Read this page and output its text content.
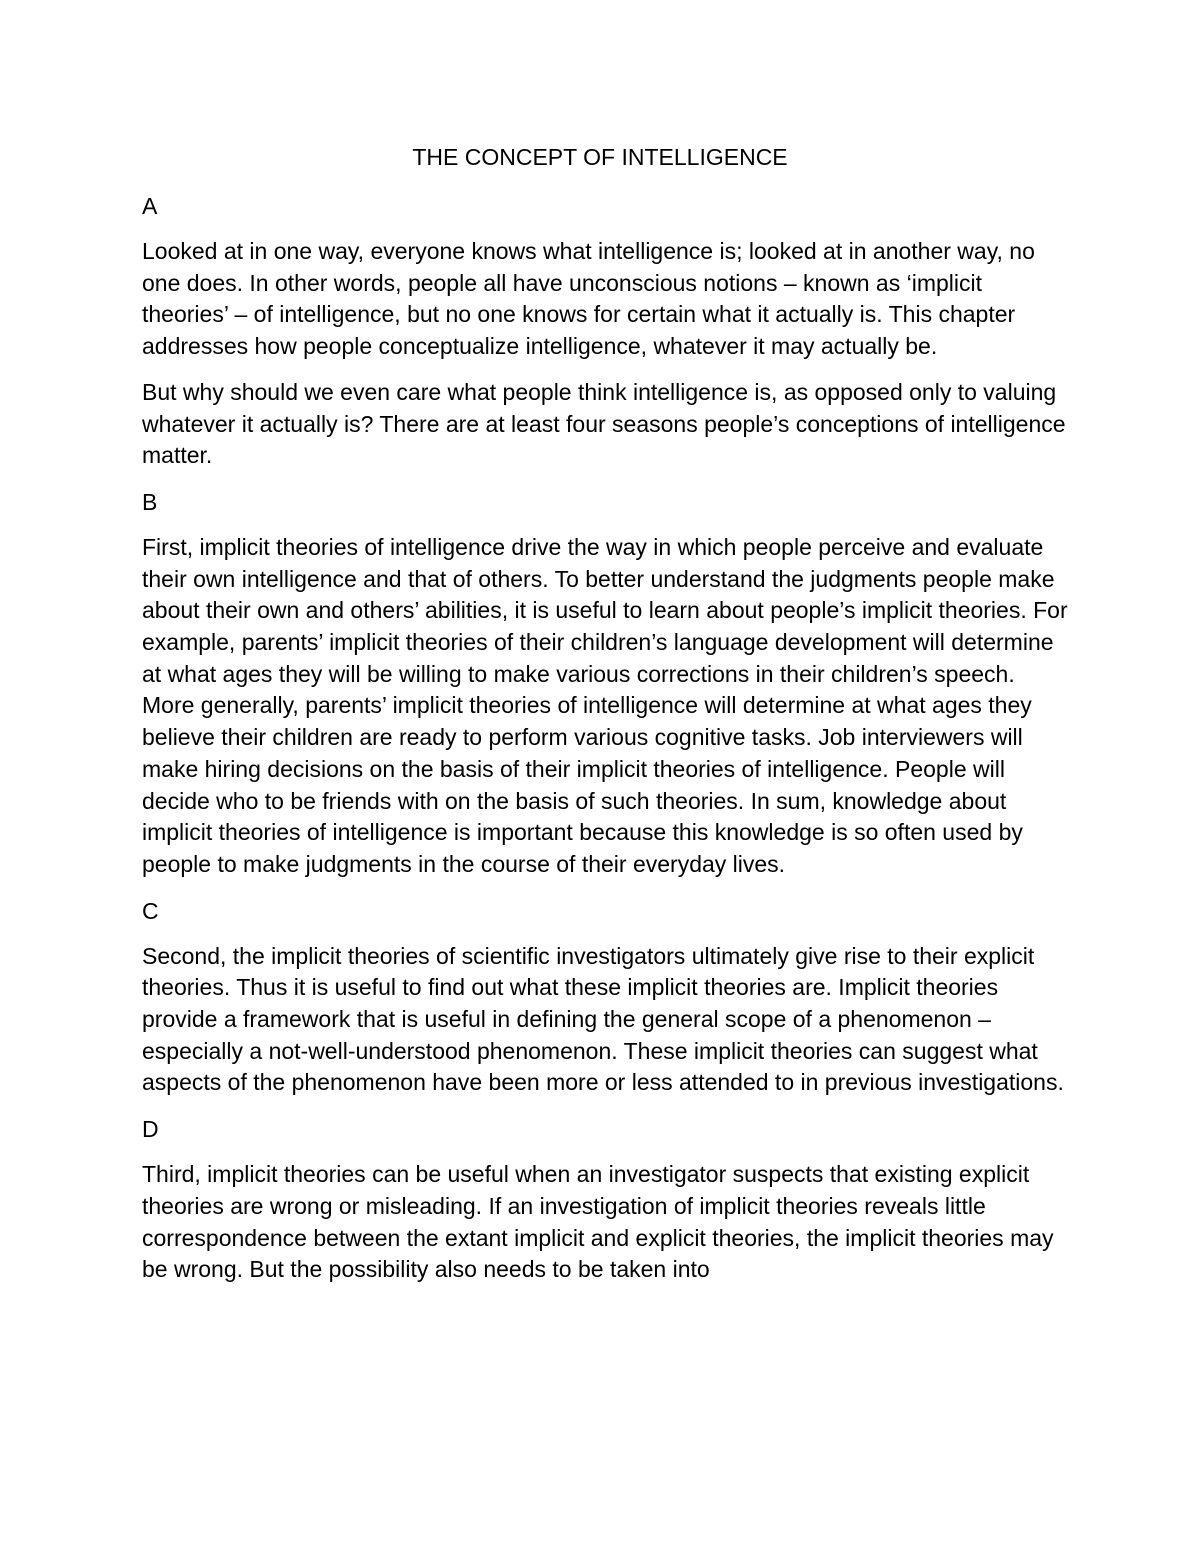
THE CONCEPT OF INTELLIGENCE

A

Looked at in one way, everyone knows what intelligence is; looked at in another way, no one does. In other words, people all have unconscious notions – known as ‘implicit theories’ – of intelligence, but no one knows for certain what it actually is. This chapter addresses how people conceptualize intelligence, whatever it may actually be.

But why should we even care what people think intelligence is, as opposed only to valuing whatever it actually is? There are at least four seasons people’s conceptions of intelligence matter.

B

First, implicit theories of intelligence drive the way in which people perceive and evaluate their own intelligence and that of others. To better understand the judgments people make about their own and others’ abilities, it is useful to learn about people’s implicit theories. For example, parents’ implicit theories of their children’s language development will determine at what ages they will be willing to make various corrections in their children’s speech. More generally, parents’ implicit theories of intelligence will determine at what ages they believe their children are ready to perform various cognitive tasks. Job interviewers will make hiring decisions on the basis of their implicit theories of intelligence. People will decide who to be friends with on the basis of such theories. In sum, knowledge about implicit theories of intelligence is important because this knowledge is so often used by people to make judgments in the course of their everyday lives.

C

Second, the implicit theories of scientific investigators ultimately give rise to their explicit theories. Thus it is useful to find out what these implicit theories are. Implicit theories provide a framework that is useful in defining the general scope of a phenomenon – especially a not-well-understood phenomenon. These implicit theories can suggest what aspects of the phenomenon have been more or less attended to in previous investigations.

D

Third, implicit theories can be useful when an investigator suspects that existing explicit theories are wrong or misleading. If an investigation of implicit theories reveals little correspondence between the extant implicit and explicit theories, the implicit theories may be wrong. But the possibility also needs to be taken into
